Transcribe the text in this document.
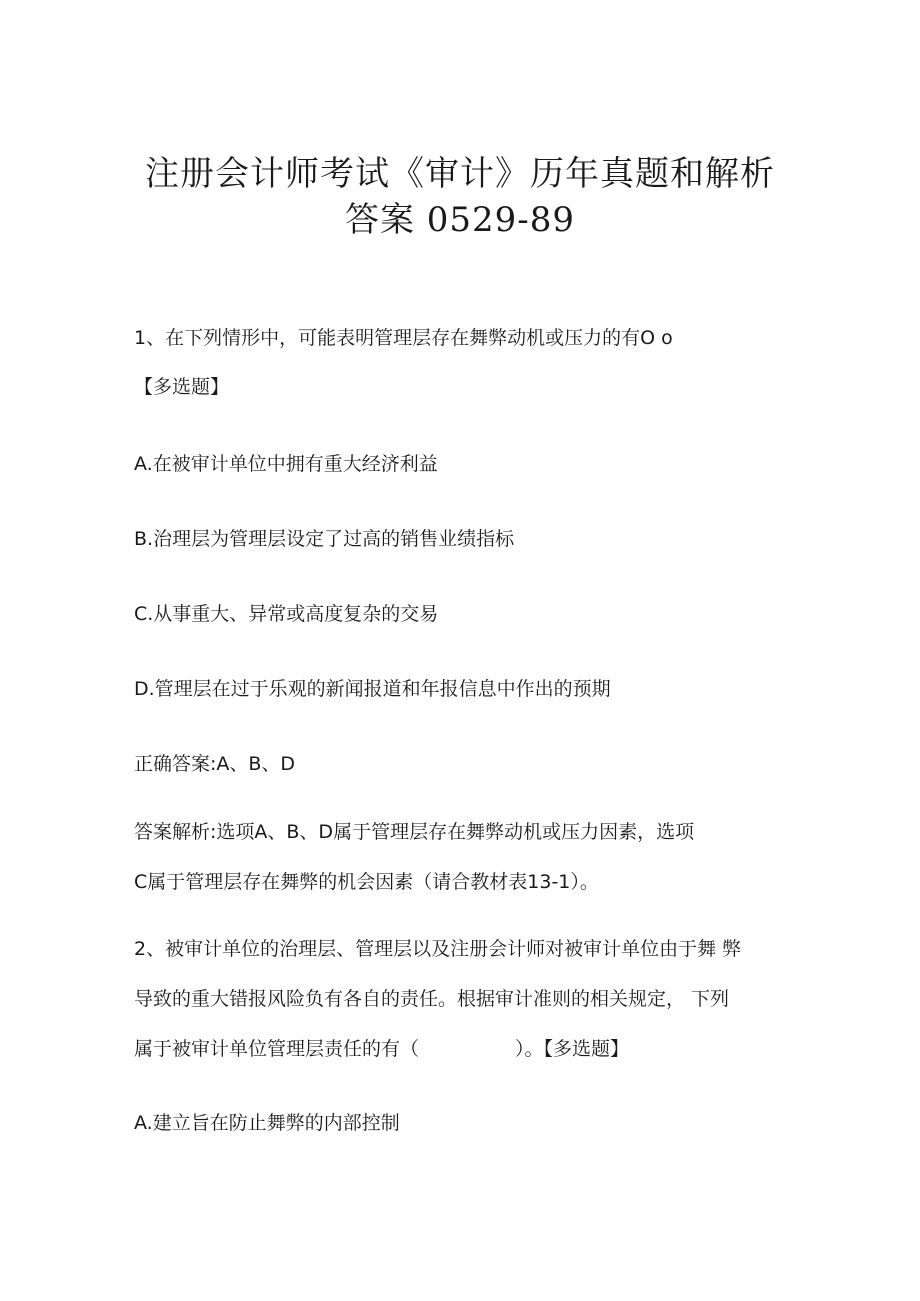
注册会计师考试《审计》历年真题和解析
答案 0529-89

1、在下列情形中，可能表明管理层存在舞弊动机或压力的有O o

【多选题】

A.在被审计单位中拥有重大经济利益

B.治理层为管理层设定了过高的销售业绩指标

C.从事重大、异常或高度复杂的交易

D.管理层在过于乐观的新闻报道和年报信息中作出的预期

正确答案:A、B、D

答案解析:选项A、B、D属于管理层存在舞弊动机或压力因素，选项

C属于管理层存在舞弊的机会因素（请合教材表13-1）。

2、被审计单位的治理层、管理层以及注册会计师对被审计单位由于舞 弊

导致的重大错报风险负有各自的责任。根据审计准则的相关规定， 下列

属于被审计单位管理层责任的有（	）。【多选题】

A.建立旨在防止舞弊的内部控制
